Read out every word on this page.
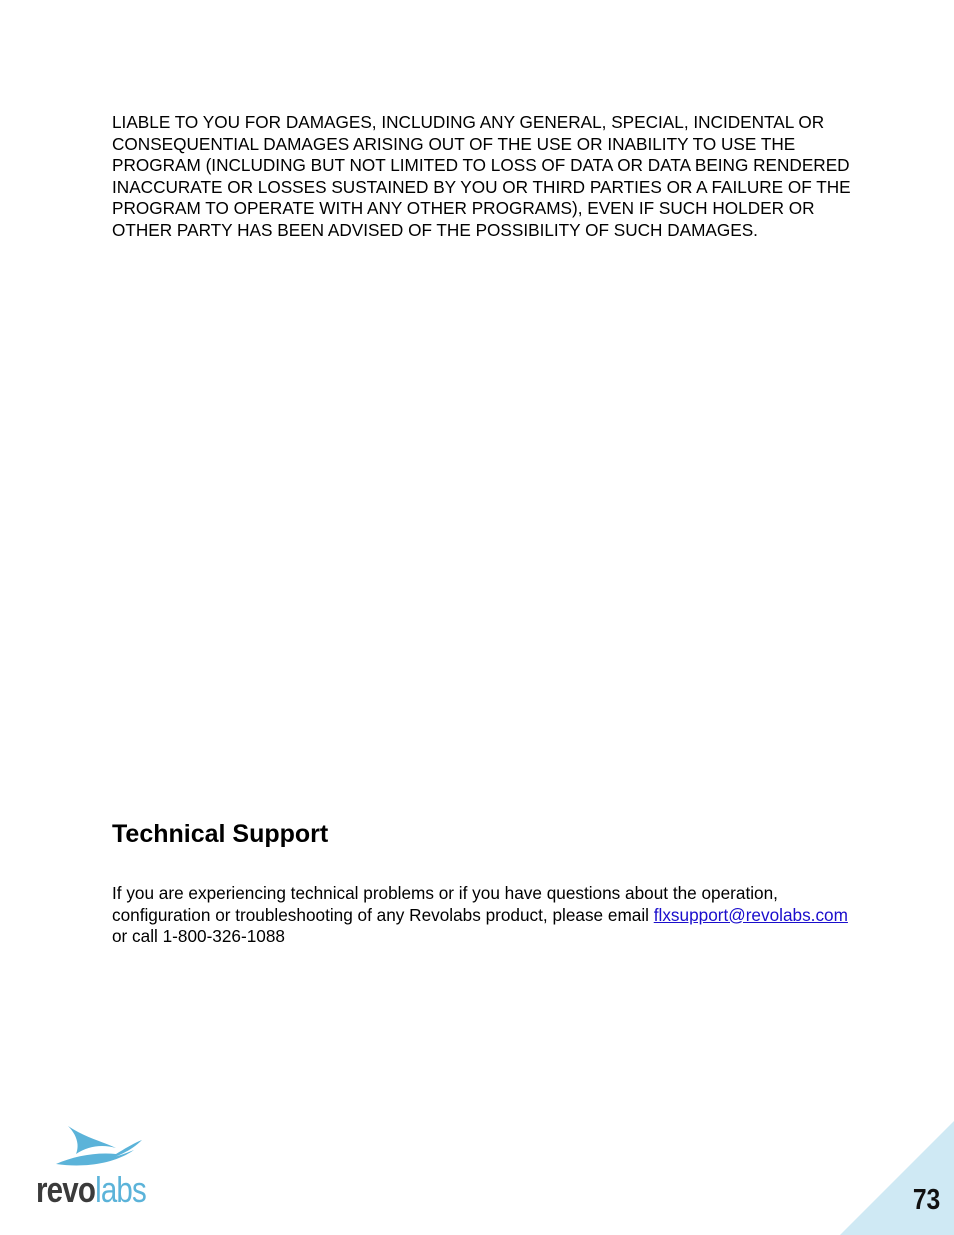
LIABLE TO YOU FOR DAMAGES, INCLUDING ANY GENERAL, SPECIAL, INCIDENTAL OR CONSEQUENTIAL DAMAGES ARISING OUT OF THE USE OR INABILITY TO USE THE PROGRAM (INCLUDING BUT NOT LIMITED TO LOSS OF DATA OR DATA BEING RENDERED INACCURATE OR LOSSES SUSTAINED BY YOU OR THIRD PARTIES OR A FAILURE OF THE PROGRAM TO OPERATE WITH ANY OTHER PROGRAMS), EVEN IF SUCH HOLDER OR OTHER PARTY HAS BEEN ADVISED OF THE POSSIBILITY OF SUCH DAMAGES.

Technical Support

If you are experiencing technical problems or if you have questions about the operation, configuration or troubleshooting of any Revolabs product, please email flxsupport@revolabs.com or call 1-800-326-1088

revolabs	73
